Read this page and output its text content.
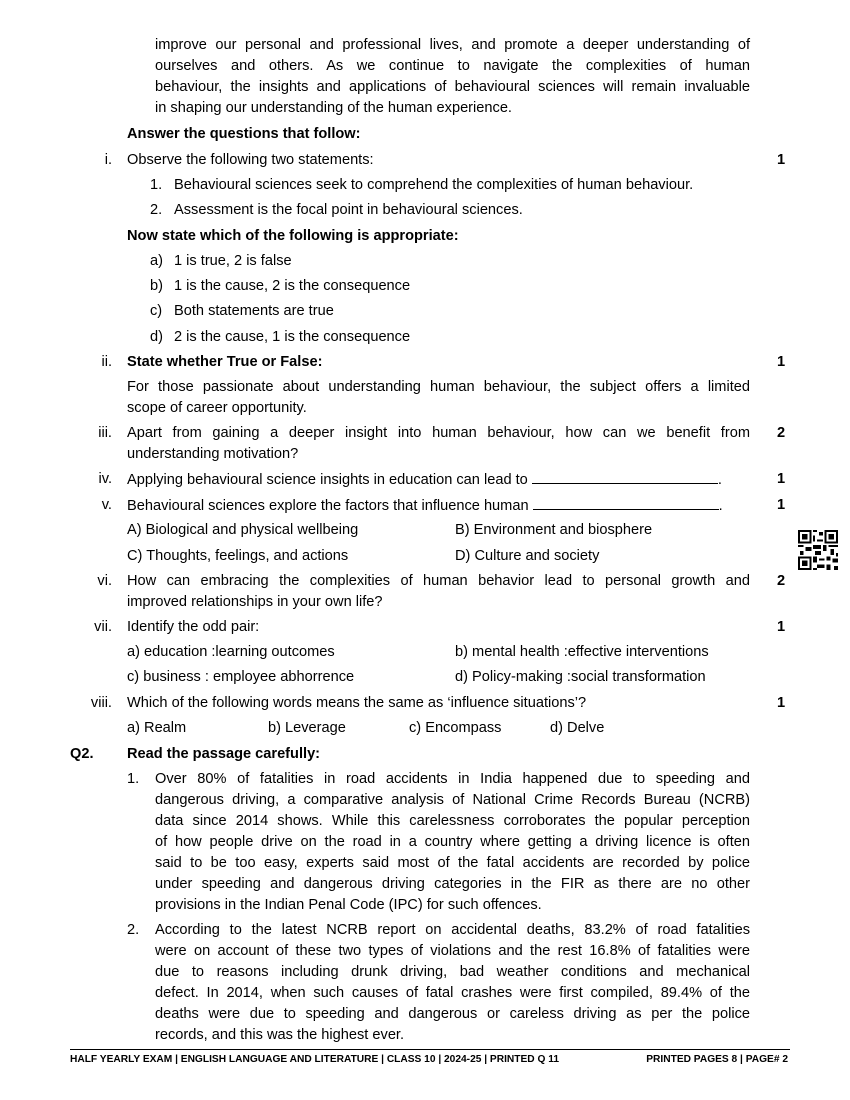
improve our personal and professional lives, and promote a deeper understanding of
ourselves and others. As we continue to navigate the complexities of human
behaviour, the insights and applications of behavioural sciences will remain invaluable
in shaping our understanding of the human experience.
Answer the questions that follow:
i. Observe the following two statements:	1
1. Behavioural sciences seek to comprehend the complexities of human behaviour.
2. Assessment is the focal point in behavioural sciences.
Now state which of the following is appropriate:
a) 1 is true, 2 is false
b) 1 is the cause, 2 is the consequence
c) Both statements are true
d) 2 is the cause, 1 is the consequence
ii. State whether True or False:	1
For those passionate about understanding human behaviour, the subject offers a limited
scope of career opportunity.
iii. Apart from gaining a deeper insight into human behaviour, how can we benefit from
understanding motivation?
2
iv. Applying behavioural science insights in education can lead to	.	1
v. Behavioural sciences explore the factors that influence human	.	1
A) Biological and physical wellbeing	B) Environment and biosphere
C) Thoughts, feelings, and actions	D) Culture and society
vi. How can embracing the complexities of human behavior lead to personal growth and
improved relationships in your own life?
2
vii. Identify the odd pair:	1
a) education :learning outcomes	b) mental health :effective interventions
c) business : employee abhorrence	d) Policy-making :social transformation
viii. Which of the following words means the same as ‘influence situations’?	1
a) Realm	b) Leverage	c) Encompass	d) Delve
Q2. Read the passage carefully:
1. Over 80% of fatalities in road accidents in India happened due to speeding and
dangerous driving, a comparative analysis of National Crime Records Bureau (NCRB)
data since 2014 shows. While this carelessness corroborates the popular perception
of how people drive on the road in a country where getting a driving licence is often
said to be too easy, experts said most of the fatal accidents are recorded by police
under speeding and dangerous driving categories in the FIR as there are no other
provisions in the Indian Penal Code (IPC) for such offences.
2. According to the latest NCRB report on accidental deaths, 83.2% of road fatalities
were on account of these two types of violations and the rest 16.8% of fatalities were
due to reasons including drunk driving, bad weather conditions and mechanical
defect. In 2014, when such causes of fatal crashes were first compiled, 89.4% of the
deaths were due to speeding and dangerous or careless driving as per the police
records, and this was the highest ever.
HALF YEARLY EXAM | ENGLISH LANGUAGE AND LITERATURE | CLASS 10 | 2024-25 | PRINTED Q 11	PRINTED PAGES 8 | PAGE# 2
